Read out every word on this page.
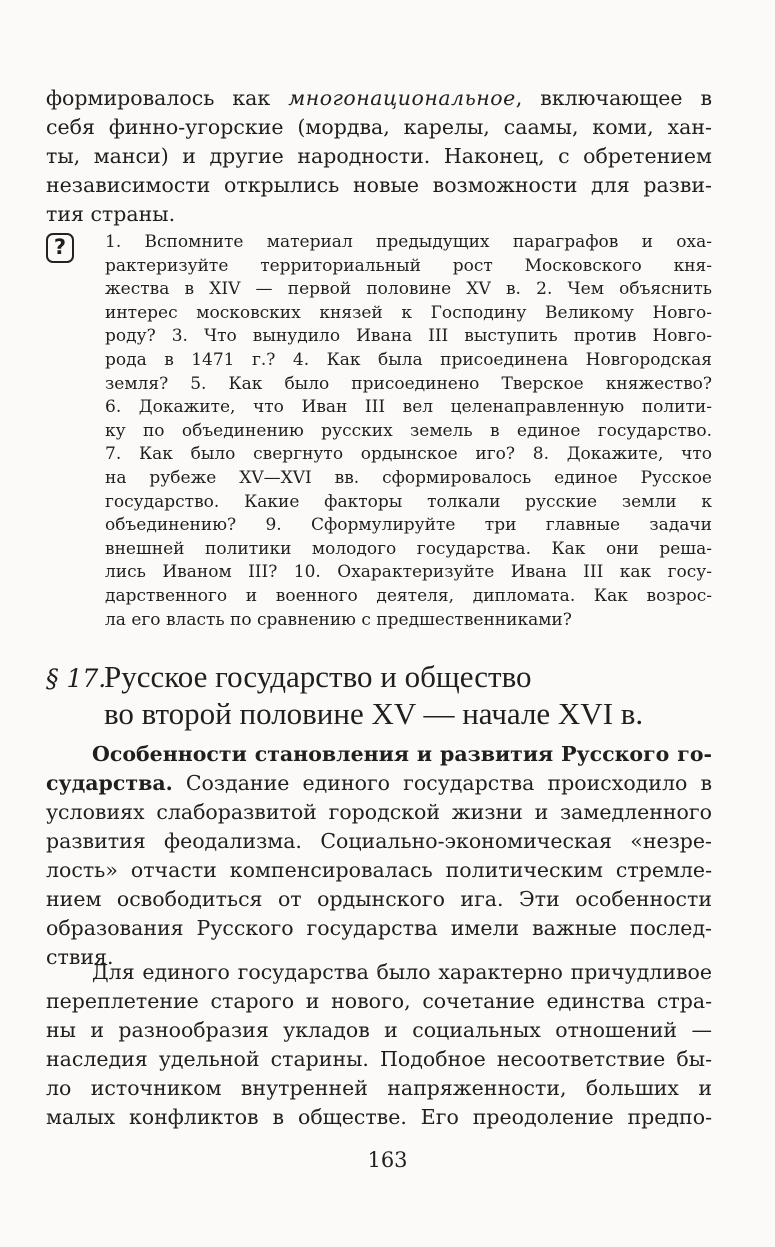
формировалось как многонациональное, включающее в
себя финно-угорские (мордва, карелы, саамы, коми, хан-
ты, манси) и другие народности. Наконец, с обретением
независимости открылись новые возможности для разви-
тия страны.

?	1. Вспомните материал предыдущих параграфов и оха-
рактеризуйте территориальный рост Московского кня-
жества в XIV — первой половине XV в. 2. Чем объяснить
интерес московских князей к Господину Великому Новго-
роду? 3. Что вынудило Ивана III выступить против Новго-
рода в 1471 г.? 4. Как была присоединена Новгородская
земля? 5. Как было присоединено Тверское княжество?
6. Докажите, что Иван III вел целенаправленную полити-
ку по объединению русских земель в единое государство.
7. Как было свергнуто ордынское иго? 8. Докажите, что
на рубеже XV—XVI вв. сформировалось единое Русское
государство. Какие факторы толкали русские земли к
объединению? 9. Сформулируйте три главные задачи
внешней политики молодого государства. Как они реша-
лись Иваном III? 10. Охарактеризуйте Ивана III как госу-
дарственного и военного деятеля, дипломата. Как возрос-
ла его власть по сравнению с предшественниками?

§ 17.
Русское государство и общество
во второй половине XV — начале XVI в.

Особенности становления и развития Русского го-
сударства. Создание единого государства происходило в
условиях слаборазвитой городской жизни и замедленного
развития феодализма. Социально-экономическая «незре-
лость» отчасти компенсировалась политическим стремле-
нием освободиться от ордынского ига. Эти особенности
образования Русского государства имели важные послед-
ствия.

Для единого государства было характерно причудливое
переплетение старого и нового, сочетание единства стра-
ны и разнообразия укладов и социальных отношений —
наследия удельной старины. Подобное несоответствие бы-
ло источником внутренней напряженности, больших и
малых конфликтов в обществе. Его преодоление предпо-

163
